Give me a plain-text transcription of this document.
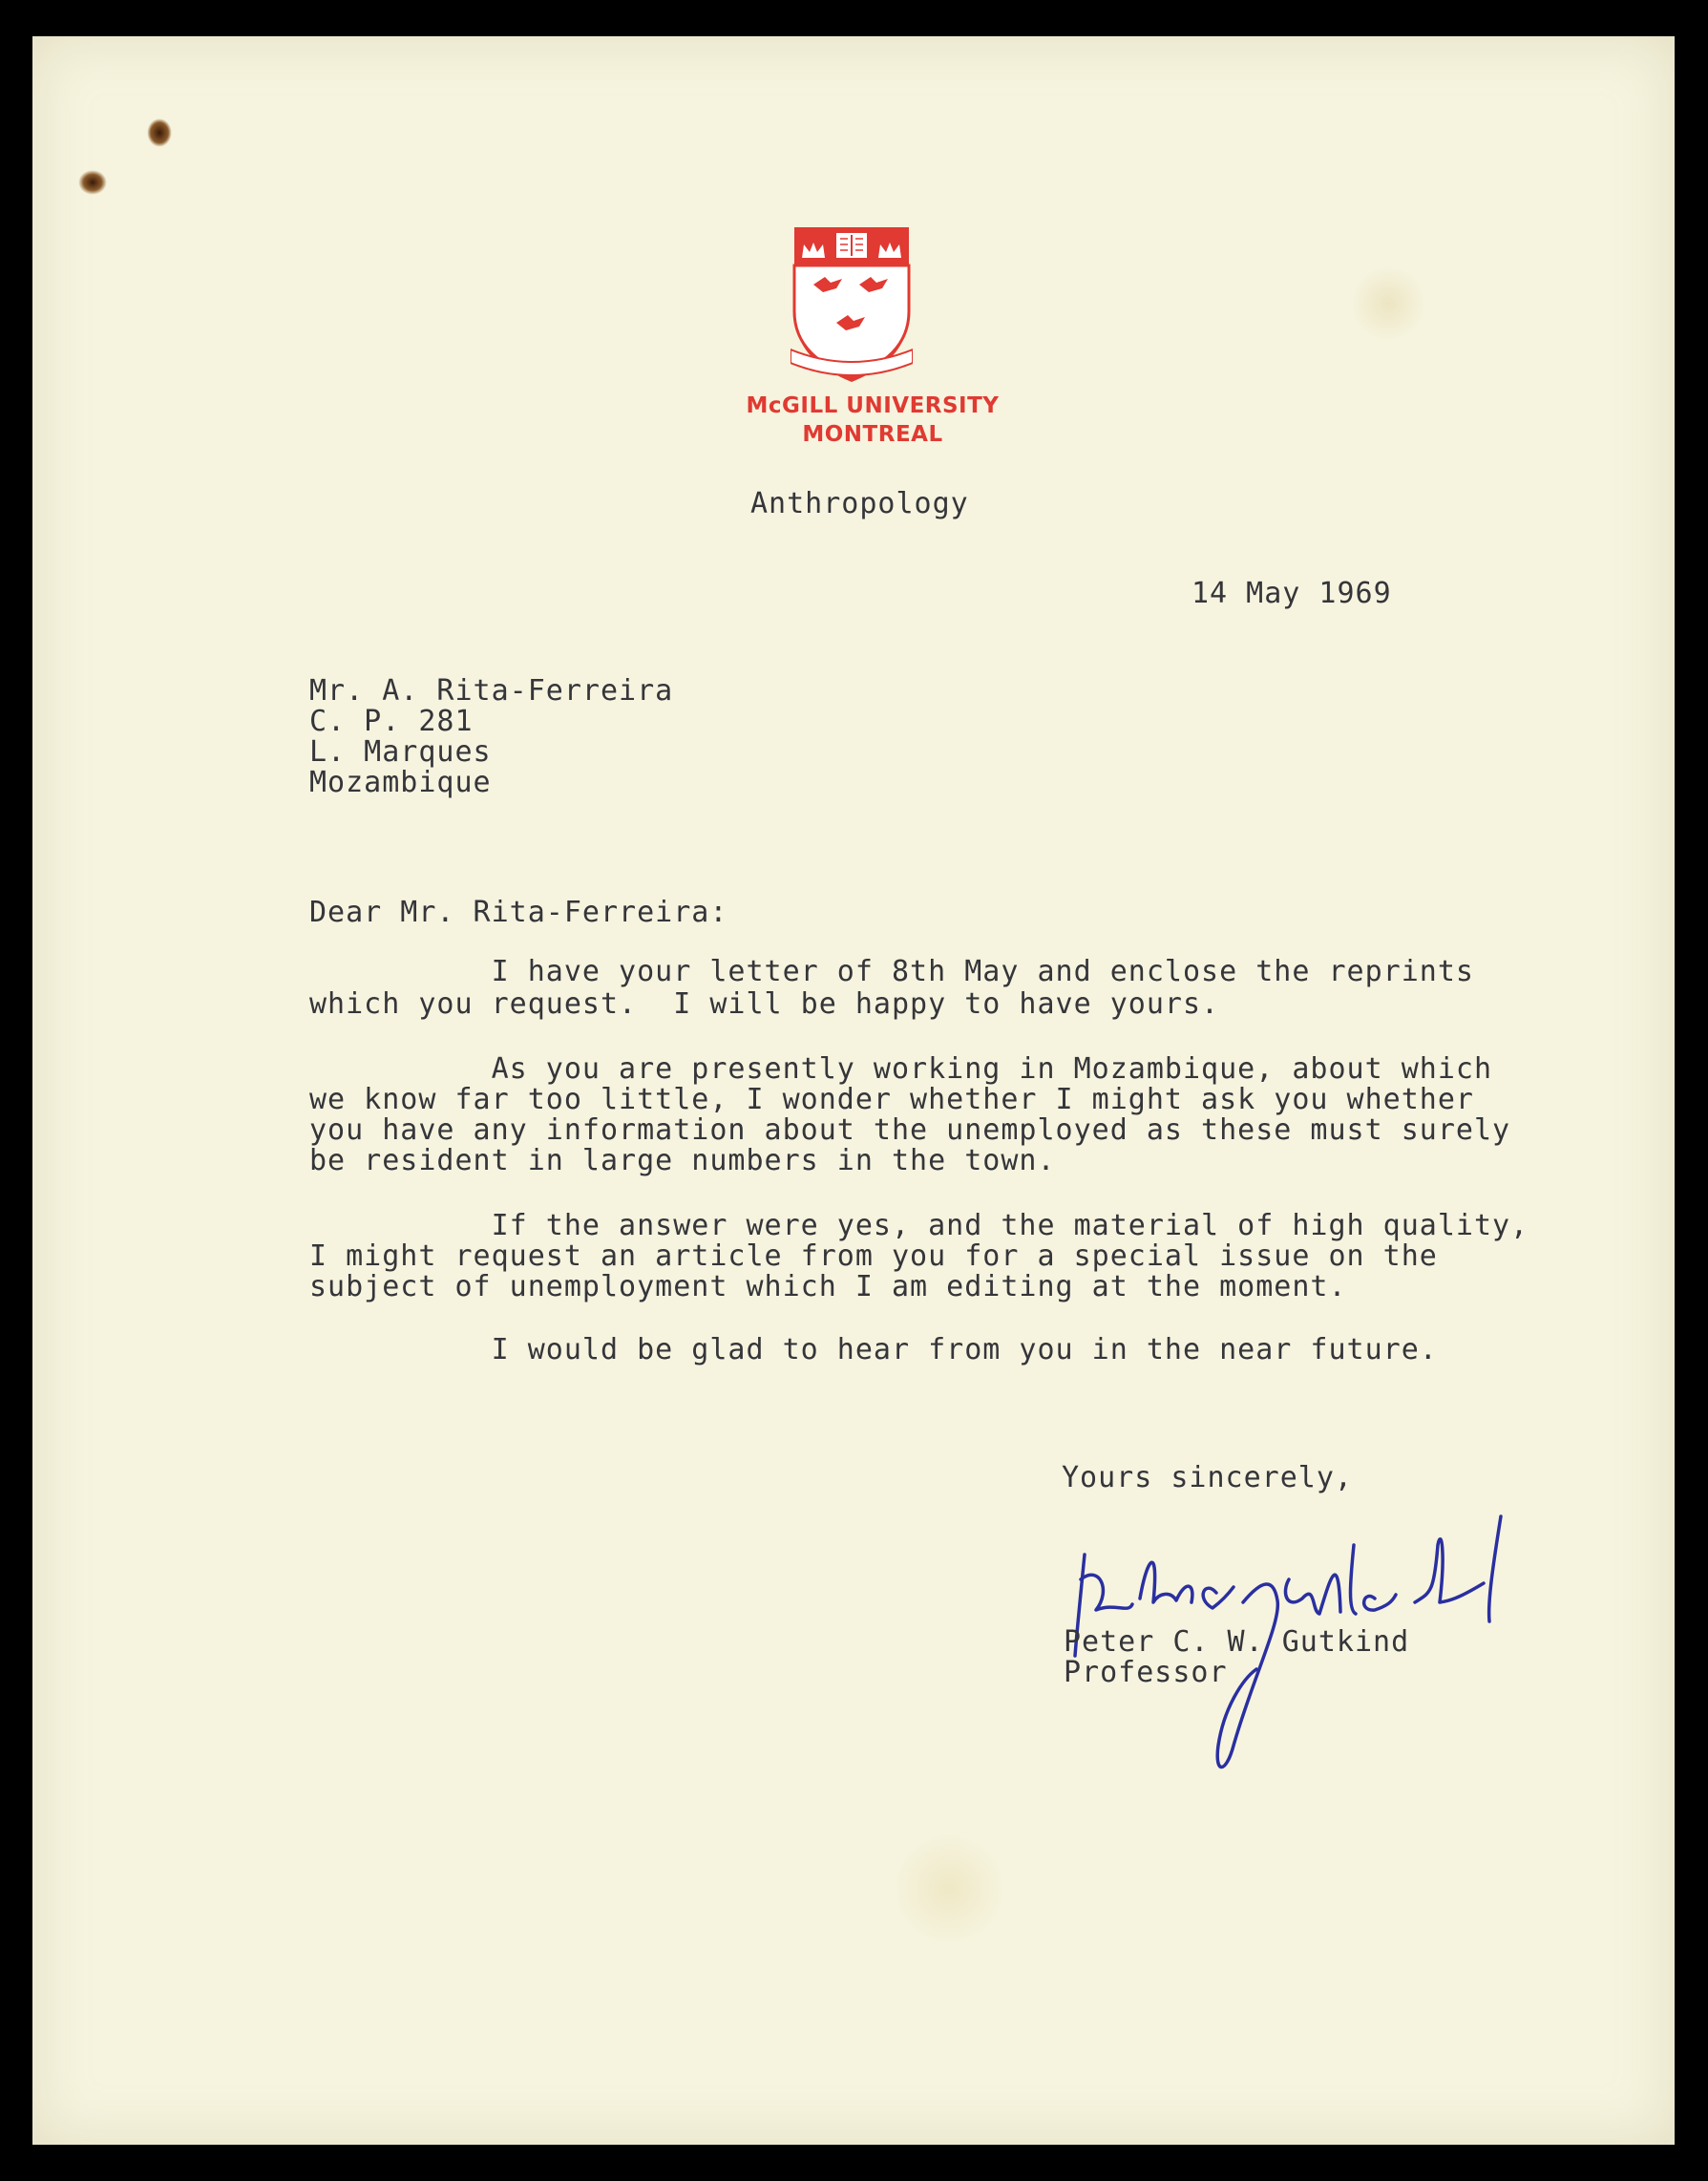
McGILL UNIVERSITY
MONTREAL
Anthropology
14 May 1969
Mr. A. Rita-Ferreira
C. P. 281
L. Marques
Mozambique
Dear Mr. Rita-Ferreira:
I have your letter of 8th May and enclose the reprints
which you request.  I will be happy to have yours.
As you are presently working in Mozambique, about which
we know far too little, I wonder whether I might ask you whether
you have any information about the unemployed as these must surely
be resident in large numbers in the town.
If the answer were yes, and the material of high quality,
I might request an article from you for a special issue on the
subject of unemployment which I am editing at the moment.
I would be glad to hear from you in the near future.
Yours sincerely,
Peter C. W. Gutkind
Professor
